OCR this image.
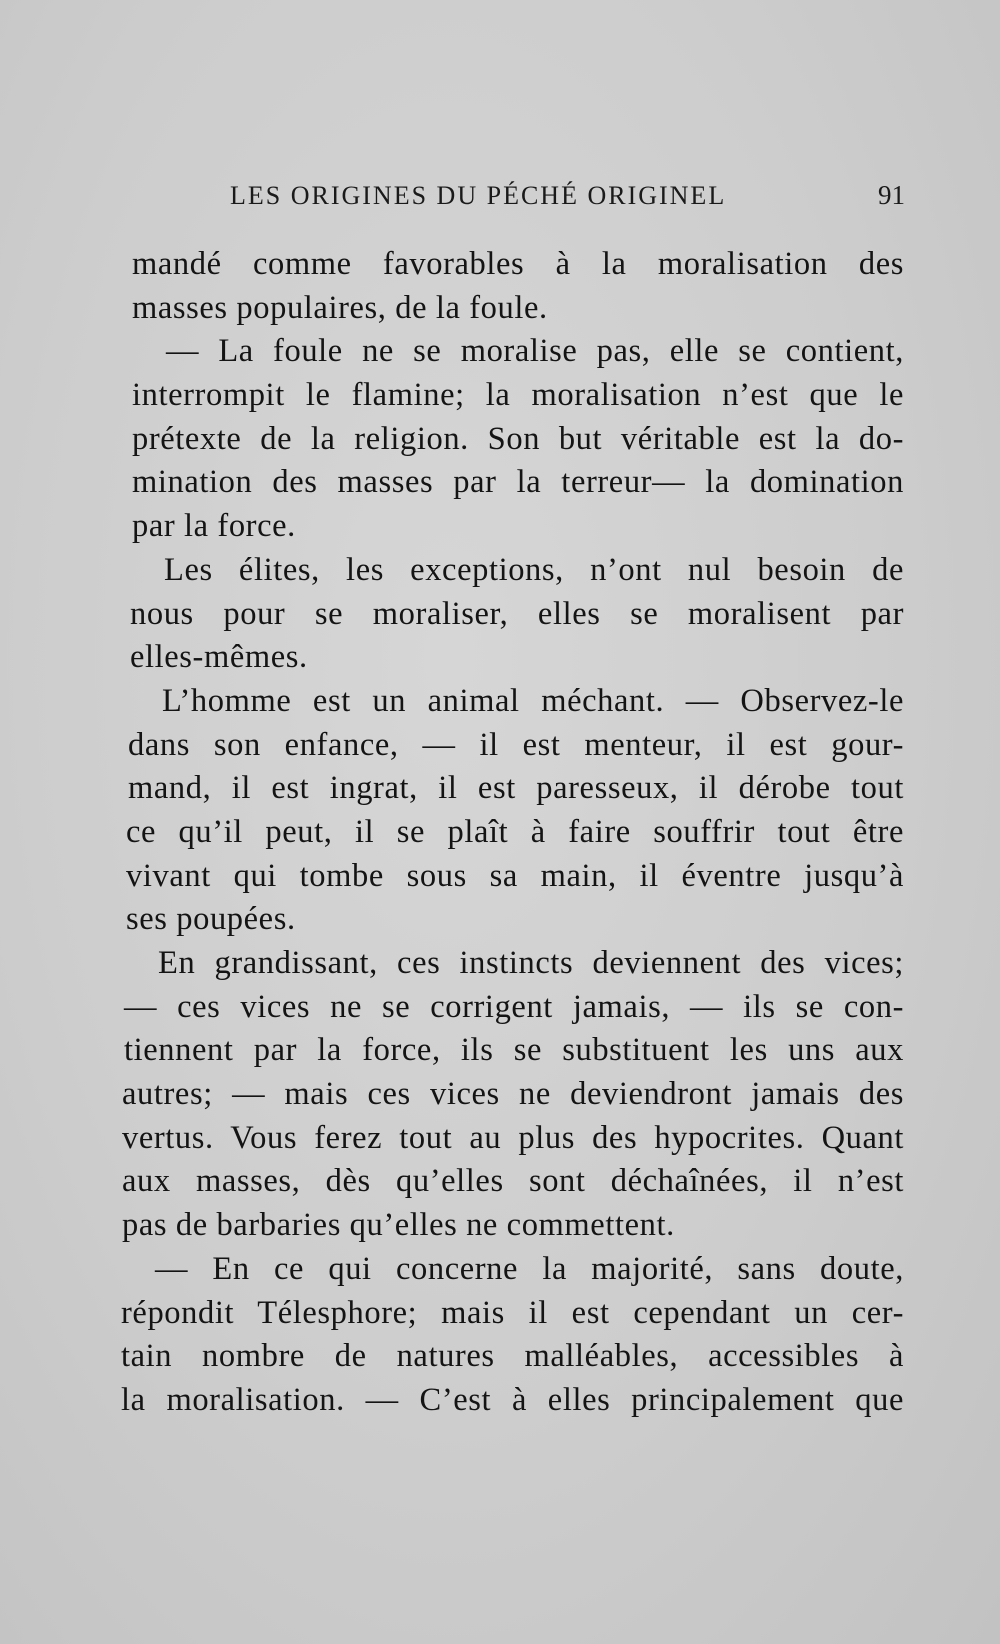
LES ORIGINES DU PÉCHÉ ORIGINEL	91
mandé comme favorables à la moralisation des
masses populaires, de la foule.
— La foule ne se moralise pas, elle se contient,
interrompit le flamine; la moralisation n’est que le
prétexte de la religion. Son but véritable est la do-
mination des masses par la terreur— la domination
par la force.
Les élites, les exceptions, n’ont nul besoin de
nous pour se moraliser, elles se moralisent par
elles-mêmes.
L’homme est un animal méchant. — Observez-le
dans son enfance, — il est menteur, il est gour-
mand, il est ingrat, il est paresseux, il dérobe tout
ce qu’il peut, il se plaît à faire souffrir tout être
vivant qui tombe sous sa main, il éventre jusqu’à
ses poupées.
En grandissant, ces instincts deviennent des vices;
— ces vices ne se corrigent jamais, — ils se con-
tiennent par la force, ils se substituent les uns aux
autres; — mais ces vices ne deviendront jamais des
vertus. Vous ferez tout au plus des hypocrites. Quant
aux masses, dès qu’elles sont déchaînées, il n’est
pas de barbaries qu’elles ne commettent.
— En ce qui concerne la majorité, sans doute,
répondit Télesphore; mais il est cependant un cer-
tain nombre de natures malléables, accessibles à
la moralisation. — C’est à elles principalement que
